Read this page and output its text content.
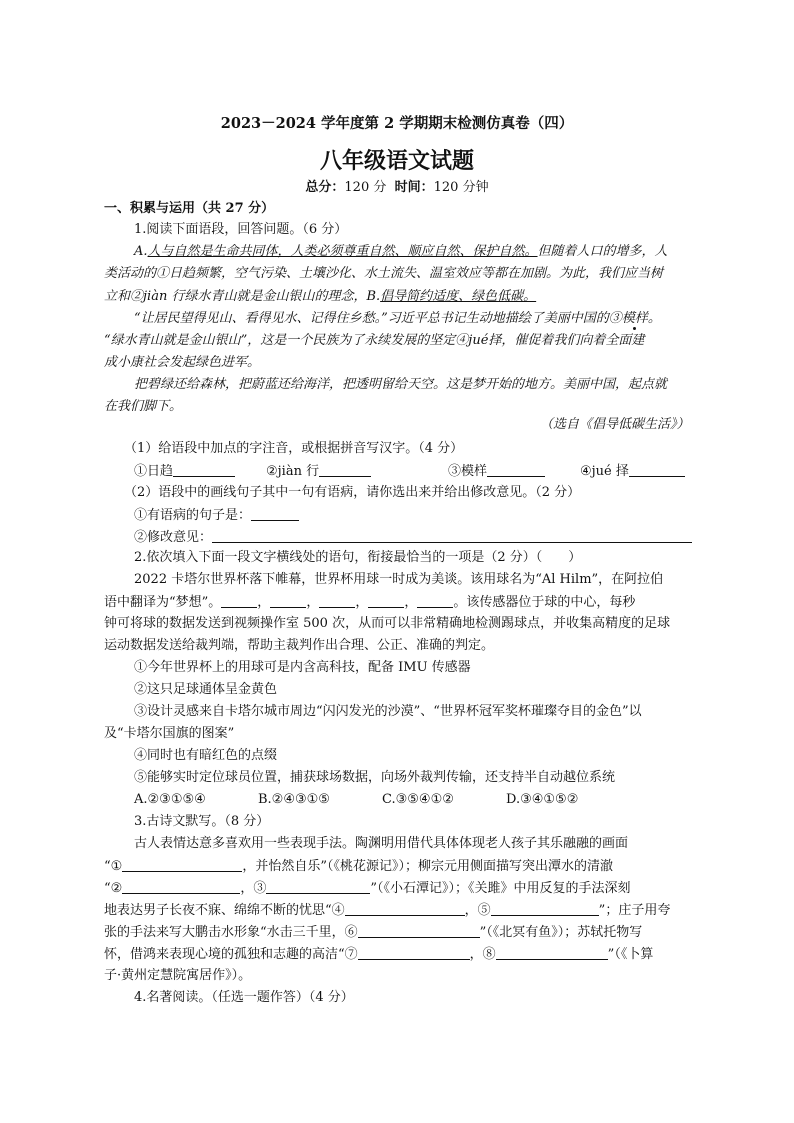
2023－2024 学年度第 2 学期期末检测仿真卷（四）
八年级语文试题
总分：120 分 时间：120 分钟
一、积累与运用（共 27 分）
1.阅读下面语段，回答问题。（6 分）
A.人与自然是生命共同体，人类必须尊重自然、顺应自然、保护自然。但随着人口的增多，人
类活动的①日趋频繁，空气污染、土壤沙化、水土流失、温室效应等都在加剧。为此，我们应当树
立和②jiàn 行绿水青山就是金山银山的理念，B.倡导简约适度、绿色低碳。
“让居民望得见山、看得见水、记得住乡愁。”习近平总书记生动地描绘了美丽中国的③模样。
“绿水青山就是金山银山”，这是一个民族为了永续发展的坚定④jué择，催促着我们向着全面建
成小康社会发起绿色进军。
把碧绿还给森林，把蔚蓝还给海洋，把透明留给天空。这是梦开始的地方。美丽中国，起点就
在我们脚下。
（选自《倡导低碳生活》）
（1）给语段中加点的字注音，或根据拼音写汉字。（4 分）
①日趋	②jiàn 行	③模样	④jué 择
（2）语段中的画线句子其中一句有语病，请你选出来并给出修改意见。（2 分）
①有语病的句子是：
②修改意见：
2.依次填入下面一段文字横线处的语句，衔接最恰当的一项是（2 分）（　　）
2022 卡塔尔世界杯落下帷幕，世界杯用球一时成为美谈。该用球名为“Al Hilm”，在阿拉伯
语中翻译为“梦想”。	，	，	，	，	。该传感器位于球的中心，每秒
钟可将球的数据发送到视频操作室 500 次，从而可以非常精确地检测踢球点，并收集高精度的足球
运动数据发送给裁判端，帮助主裁判作出合理、公正、准确的判定。
①今年世界杯上的用球可是内含高科技，配备 IMU 传感器
②这只足球通体呈金黄色
③设计灵感来自卡塔尔城市周边“闪闪发光的沙漠”、“世界杯冠军奖杯璀璨夺目的金色”以
及“卡塔尔国旗的图案”
④同时也有暗红色的点缀
⑤能够实时定位球员位置，捕获球场数据，向场外裁判传输，还支持半自动越位系统
A.②③①⑤④	B.②④③①⑤	C.③⑤④①②	D.③④①⑤②
3.古诗文默写。（8 分）
古人表情达意多喜欢用一些表现手法。陶渊明用借代具体体现老人孩子其乐融融的画面
“①	，并怡然自乐”（《桃花源记》）；柳宗元用侧面描写突出潭水的清澈
“②	，③	”（《小石潭记》）；《关雎》中用反复的手法深刻
地表达男子长夜不寐、绵绵不断的忧思“④	，⑤	”；庄子用夸
张的手法来写大鹏击水形象“水击三千里，⑥	”（《北冥有鱼》）；苏轼托物写
怀，借鸿来表现心境的孤独和志趣的高洁“⑦	，⑧	”（《卜算
子·黄州定慧院寓居作》）。
4.名著阅读。（任选一题作答）（4 分）
